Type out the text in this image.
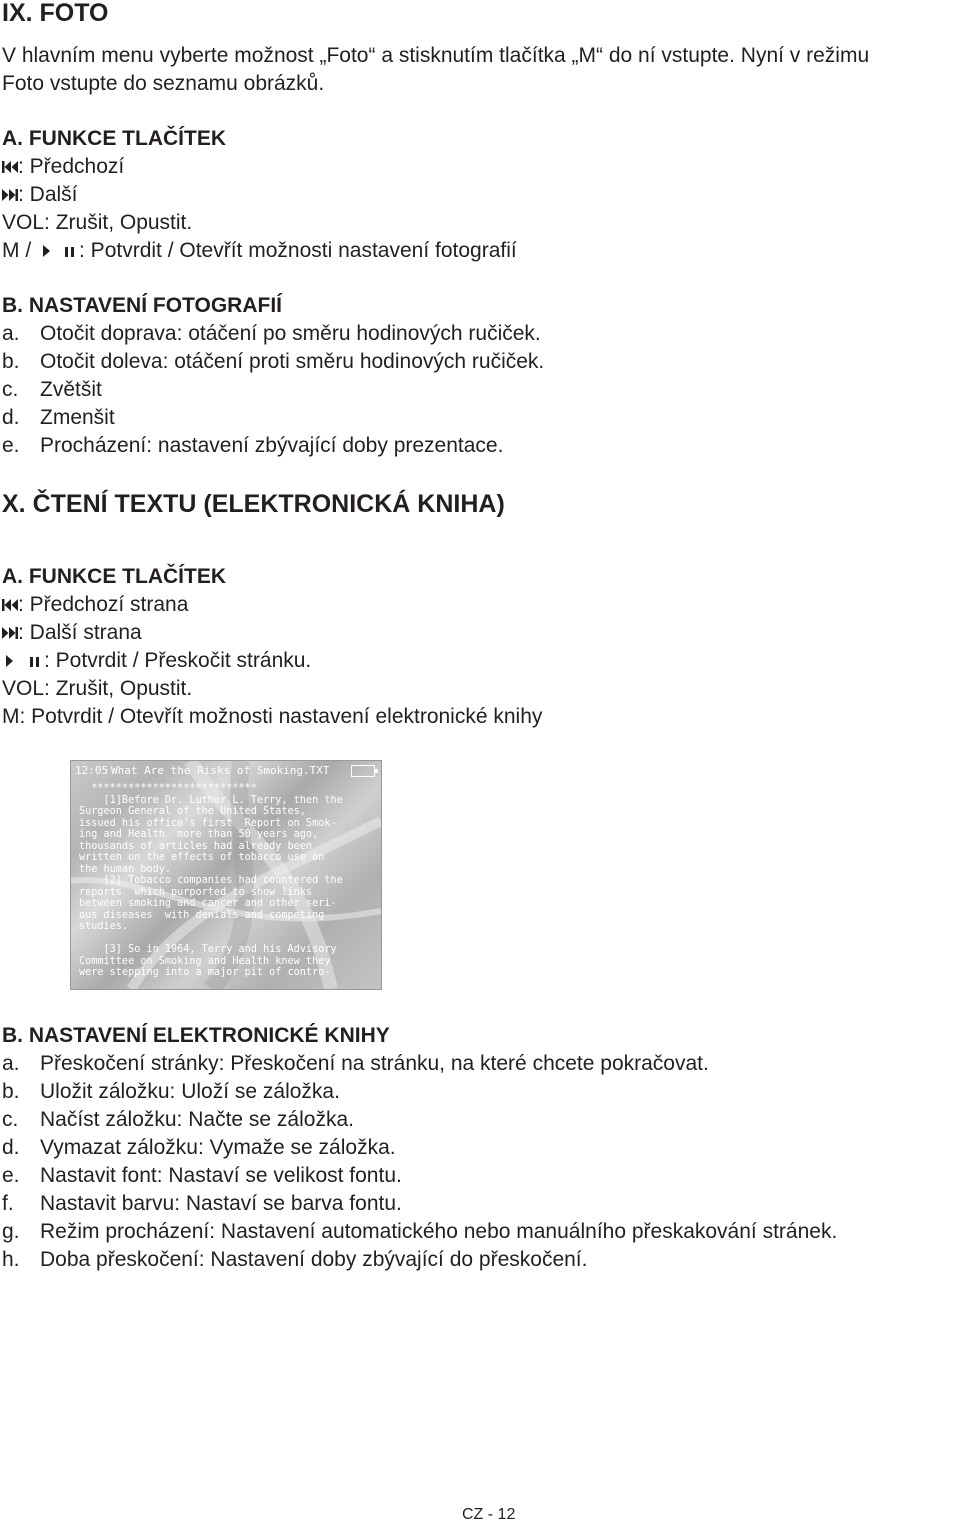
IX. FOTO
V hlavním menu vyberte možnost „Foto“ a stisknutím tlačítka „M“ do ní vstupte. Nyní v režimu
Foto vstupte do seznamu obrázků.
A. FUNKCE TLAČÍTEK
: Předchozí
: Další
VOL: Zrušit, Opustit.
M / : Potvrdit / Otevřít možnosti nastavení fotografií
B. NASTAVENÍ FOTOGRAFIÍ
a. Otočit doprava: otáčení po směru hodinových ručiček.
b. Otočit doleva: otáčení proti směru hodinových ručiček.
c. Zvětšit
d. Zmenšit
e. Procházení: nastavení zbývající doby prezentace.
X. ČTENÍ TEXTU (ELEKTRONICKÁ KNIHA)
A. FUNKCE TLAČÍTEK
: Předchozí strana
: Další strana
: Potvrdit / Přeskočit stránku.
VOL: Zrušit, Opustit.
M: Potvrdit / Otevřít možnosti nastavení elektronické knihy
12:05 What Are the Risks of Smoking.TXT
***************************
[1]Before Dr. Luther L. Terry, then the
Surgeon General of the United States,
issued his office's first  Report on Smok-
ing and Health  more than 50 years ago,
thousands of articles had already been
written on the effects of tobacco use on
the human body.
[2] Tobacco companies had countered the
reports  which purported to show links
between smoking and cancer and other seri-
ous diseases  with denials and competing
studies.

[3] So in 1964, Terry and his Advisory
Committee on Smoking and Health knew they
were stepping into a major pit of contro-
B. NASTAVENÍ ELEKTRONICKÉ KNIHY
a. Přeskočení stránky: Přeskočení na stránku, na které chcete pokračovat.
b. Uložit záložku: Uloží se záložka.
c. Načíst záložku: Načte se záložka.
d. Vymazat záložku: Vymaže se záložka.
e. Nastavit font: Nastaví se velikost fontu.
f. Nastavit barvu: Nastaví se barva fontu.
g. Režim procházení: Nastavení automatického nebo manuálního přeskakování stránek.
h. Doba přeskočení: Nastavení doby zbývající do přeskočení.
CZ - 12
